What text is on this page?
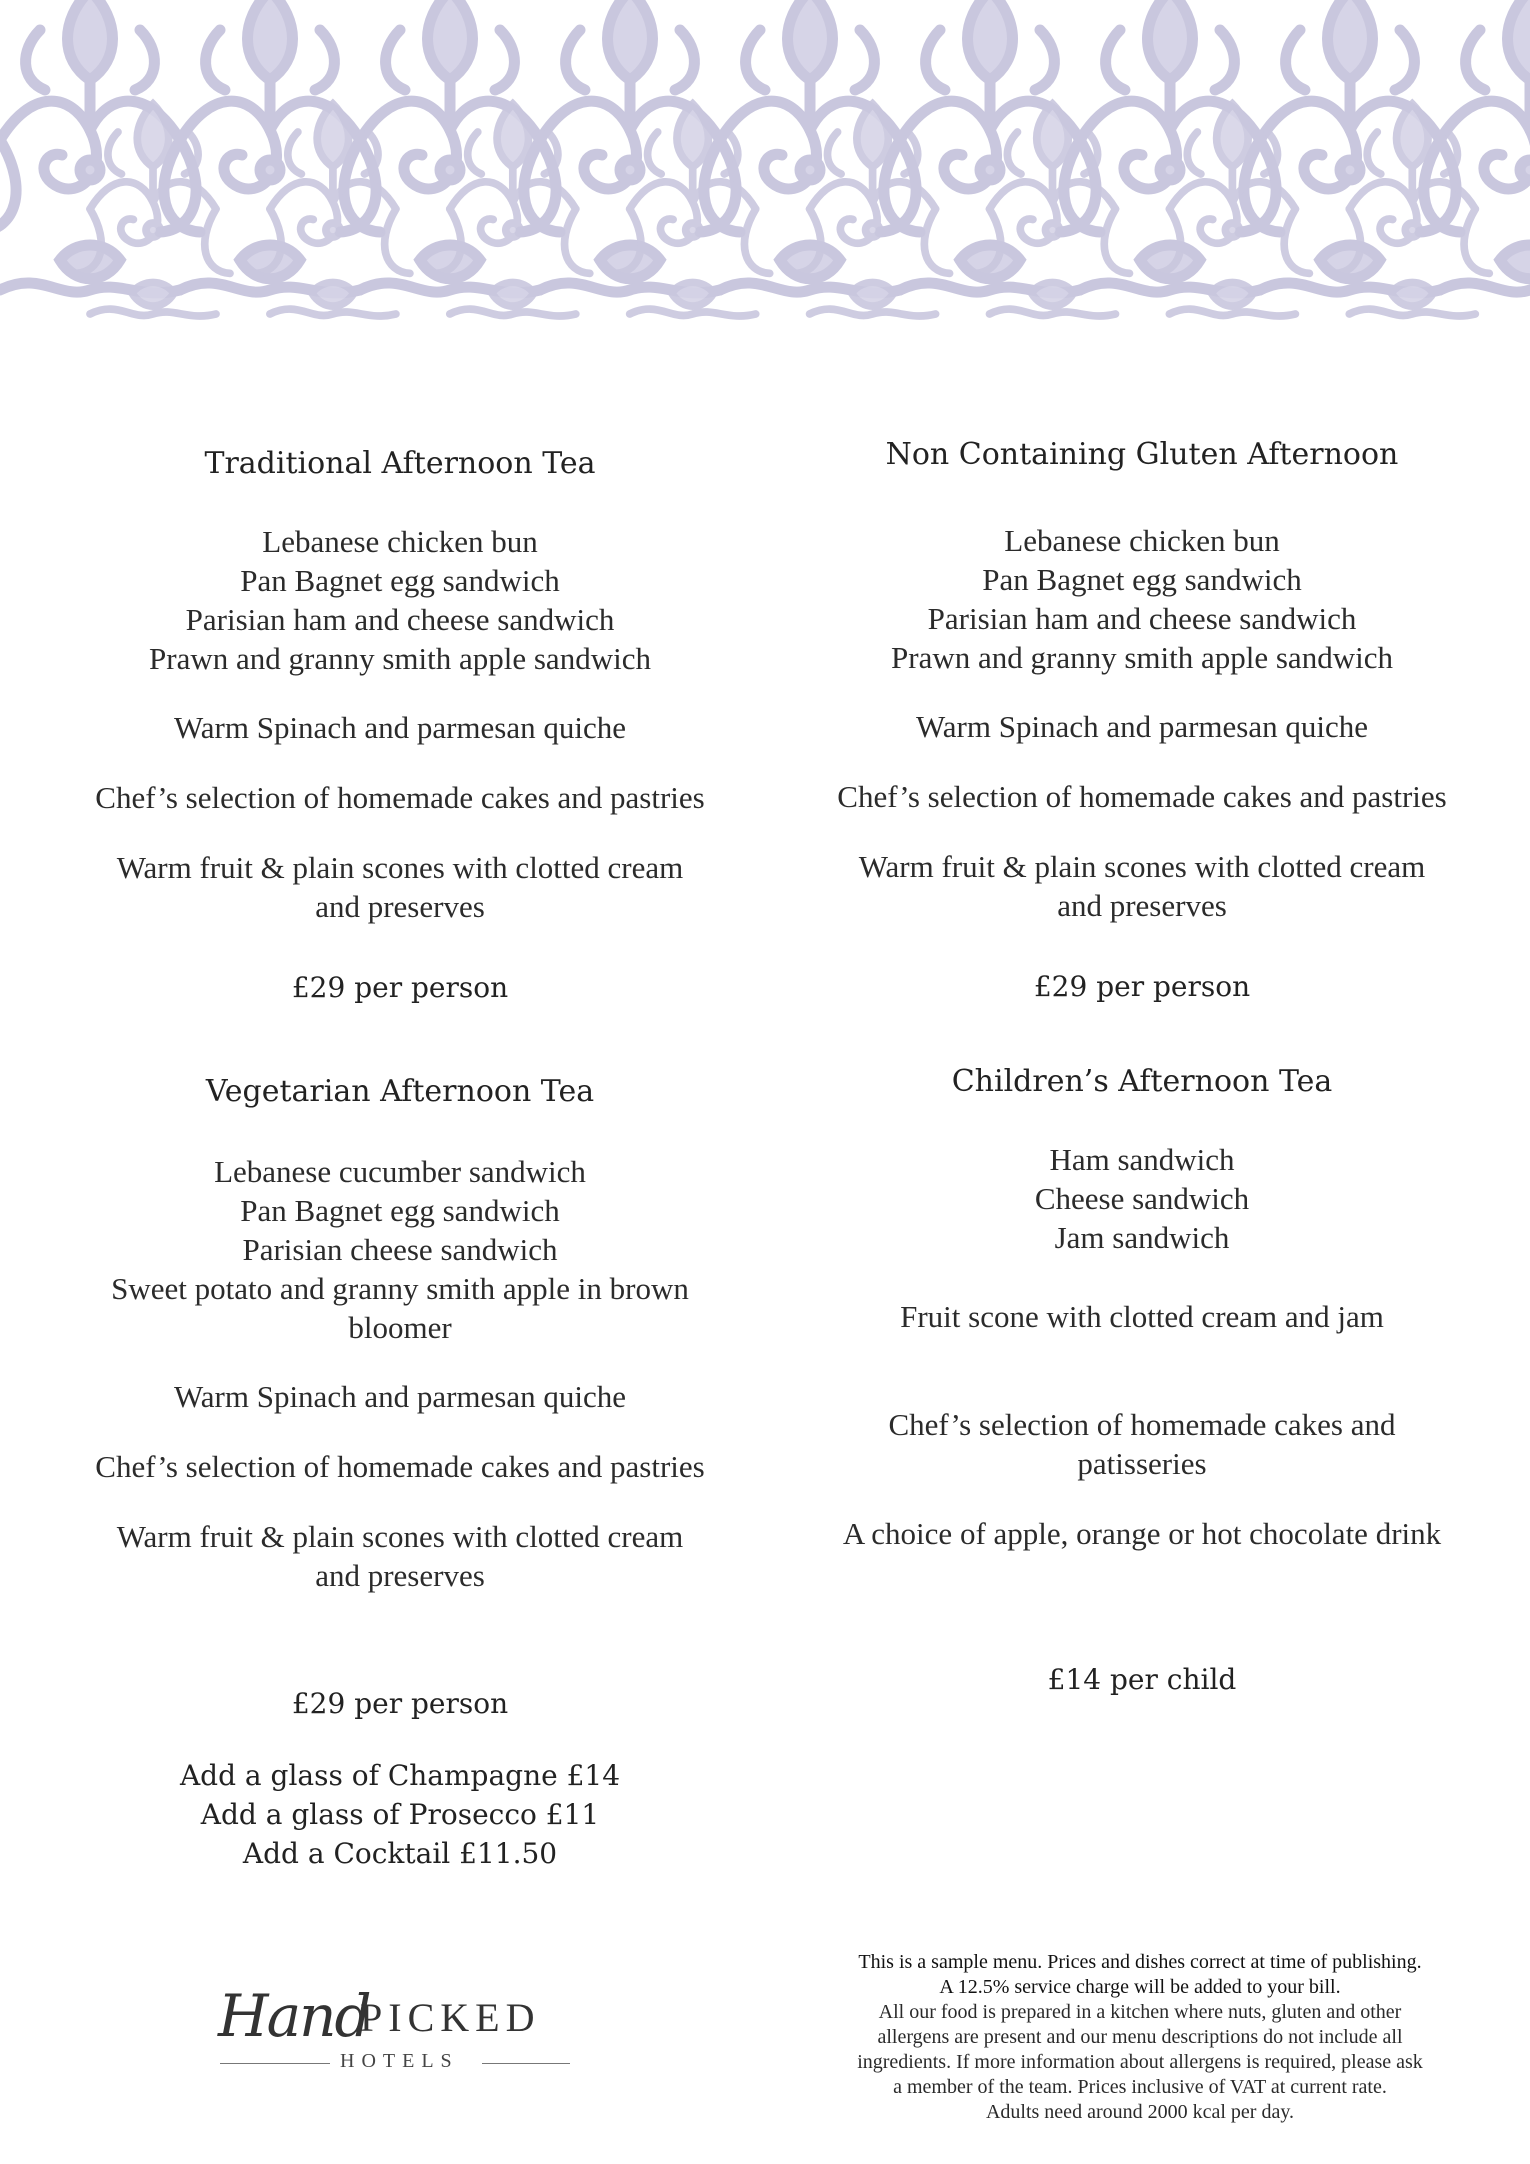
Traditional Afternoon Tea
Lebanese chicken bun
Pan Bagnet egg sandwich
Parisian ham and cheese sandwich
Prawn and granny smith apple sandwich
Warm Spinach and parmesan quiche
Chef’s selection of homemade cakes and pastries
Warm fruit & plain scones with clotted cream
and preserves
£29 per person
Non Containing Gluten Afternoon
Lebanese chicken bun
Pan Bagnet egg sandwich
Parisian ham and cheese sandwich
Prawn and granny smith apple sandwich
Warm Spinach and parmesan quiche
Chef’s selection of homemade cakes and pastries
Warm fruit & plain scones with clotted cream
and preserves
£29 per person
Vegetarian Afternoon Tea
Lebanese cucumber sandwich
Pan Bagnet egg sandwich
Parisian cheese sandwich
Sweet potato and granny smith apple in brown
bloomer
Warm Spinach and parmesan quiche
Chef’s selection of homemade cakes and pastries
Warm fruit & plain scones with clotted cream
and preserves
£29 per person
Add a glass of Champagne £14
Add a glass of Prosecco £11
Add a Cocktail £11.50
Children’s Afternoon Tea
Ham sandwich
Cheese sandwich
Jam sandwich
Fruit scone with clotted cream and jam
Chef’s selection of homemade cakes and
patisseries
A choice of apple, orange or hot chocolate drink
£14 per child
Hand
PICKED
HOTELS
This is a sample menu. Prices and dishes correct at time of publishing.
A 12.5% service charge will be added to your bill.
All our food is prepared in a kitchen where nuts, gluten and other
allergens are present and our menu descriptions do not include all
ingredients. If more information about allergens is required, please ask
a member of the team. Prices inclusive of VAT at current rate.
Adults need around 2000 kcal per day.
